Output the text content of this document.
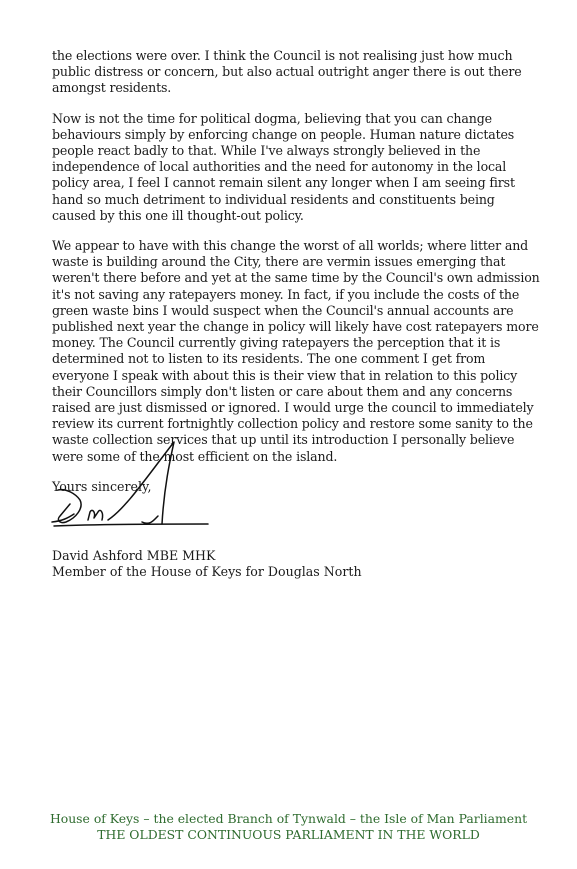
the elections were over. I think the Council is not realising just how much public distress or concern, but also actual outright anger there is out there amongst residents.

Now is not the time for political dogma, believing that you can change behaviours simply by enforcing change on people. Human nature dictates people react badly to that. While I've always strongly believed in the independence of local authorities and the need for autonomy in the local policy area, I feel I cannot remain silent any longer when I am seeing first hand so much detriment to individual residents and constituents being caused by this one ill thought-out policy.

We appear to have with this change the worst of all worlds; where litter and waste is building around the City, there are vermin issues emerging that weren't there before and yet at the same time by the Council's own admission it's not saving any ratepayers money. In fact, if you include the costs of the green waste bins I would suspect when the Council's annual accounts are published next year the change in policy will likely have cost ratepayers more money. The Council currently giving ratepayers the perception that it is determined not to listen to its residents. The one comment I get from everyone I speak with about this is their view that in relation to this policy their Councillors simply don't listen or care about them and any concerns raised are just dismissed or ignored. I would urge the council to immediately review its current fortnightly collection policy and restore some sanity to the waste collection services that up until its introduction I personally believe were some of the most efficient on the island.

Yours sincerely,
David Ashford MBE MHK
Member of the House of Keys for Douglas North
House of Keys – the elected Branch of Tynwald – the Isle of Man Parliament
THE OLDEST CONTINUOUS PARLIAMENT IN THE WORLD
